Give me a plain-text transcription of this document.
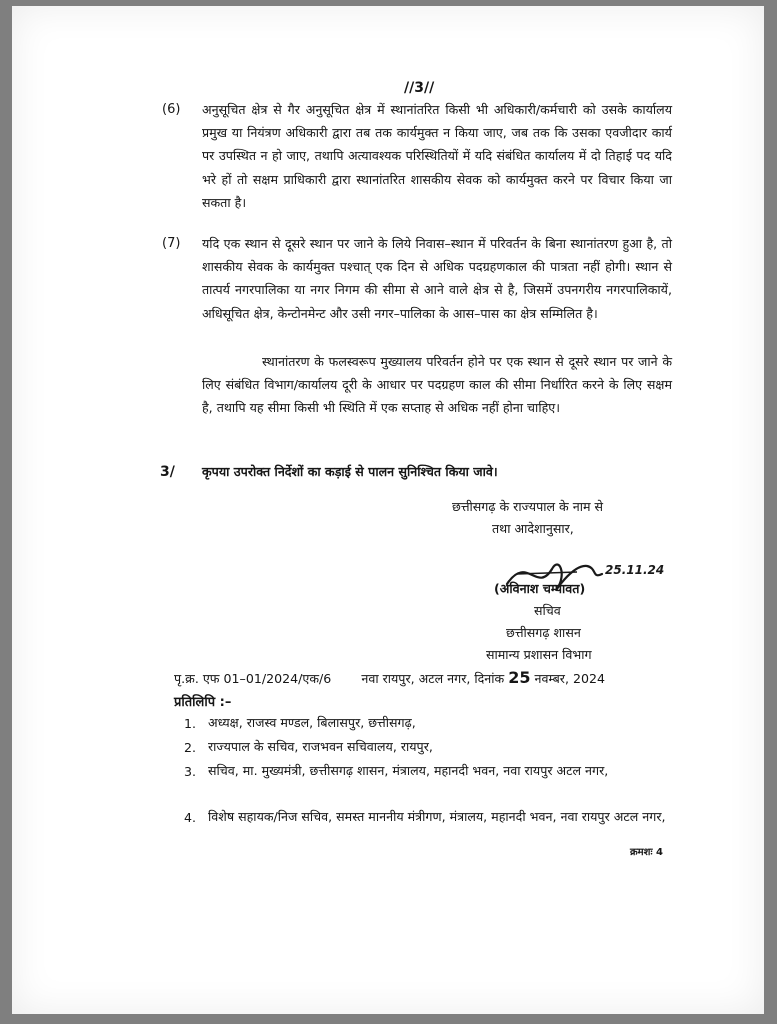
//3//
(6) अनुसूचित क्षेत्र से गैर अनुसूचित क्षेत्र में स्थानांतरित किसी भी अधिकारी/कर्मचारी को उसके कार्यालय प्रमुख या नियंत्रण अधिकारी द्वारा तब तक कार्यमुक्त न किया जाए, जब तक कि उसका एवजीदार कार्य पर उपस्थित न हो जाए, तथापि अत्यावश्यक परिस्थितियों में यदि संबंधित कार्यालय में दो तिहाई पद यदि भरे हों तो सक्षम प्राधिकारी द्वारा स्थानांतरित शासकीय सेवक को कार्यमुक्त करने पर विचार किया जा सकता है।
(7) यदि एक स्थान से दूसरे स्थान पर जाने के लिये निवास–स्थान में परिवर्तन के बिना स्थानांतरण हुआ है, तो शासकीय सेवक के कार्यमुक्त पश्चात् एक दिन से अधिक पदग्रहणकाल की पात्रता नहीं होगी। स्थान से तात्पर्य नगरपालिका या नगर निगम की सीमा से आने वाले क्षेत्र से है, जिसमें उपनगरीय नगरपालिकायें, अधिसूचित क्षेत्र, केन्टोनमेन्ट और उसी नगर–पालिका के आस–पास का क्षेत्र सम्मिलित है।
स्थानांतरण के फलस्वरूप मुख्यालय परिवर्तन होने पर एक स्थान से दूसरे स्थान पर जाने के लिए संबंधित विभाग/कार्यालय दूरी के आधार पर पदग्रहण काल की सीमा निर्धारित करने के लिए सक्षम है, तथापि यह सीमा किसी भी स्थिति में एक सप्ताह से अधिक नहीं होना चाहिए।
3/ कृपया उपरोक्त निर्देशों का कड़ाई से पालन सुनिश्चित किया जावे।
छत्तीसगढ़ के राज्यपाल के नाम से
तथा आदेशानुसार,
25.11.24
(अविनाश चम्पावत)
सचिव
छत्तीसगढ़ शासन
सामान्य प्रशासन विभाग
पृ.क्र. एफ 01–01/2024/एक/6 नवा रायपुर, अटल नगर, दिनांक 25 नवम्बर, 2024
प्रतिलिपि :–
1. अध्यक्ष, राजस्व मण्डल, बिलासपुर, छत्तीसगढ़,
2. राज्यपाल के सचिव, राजभवन सचिवालय, रायपुर,
3. सचिव, मा. मुख्यमंत्री, छत्तीसगढ़ शासन, मंत्रालय, महानदी भवन, नवा रायपुर अटल नगर,
4. विशेष सहायक/निज सचिव, समस्त माननीय मंत्रीगण, मंत्रालय, महानदी भवन, नवा रायपुर अटल नगर,
क्रमशः 4
